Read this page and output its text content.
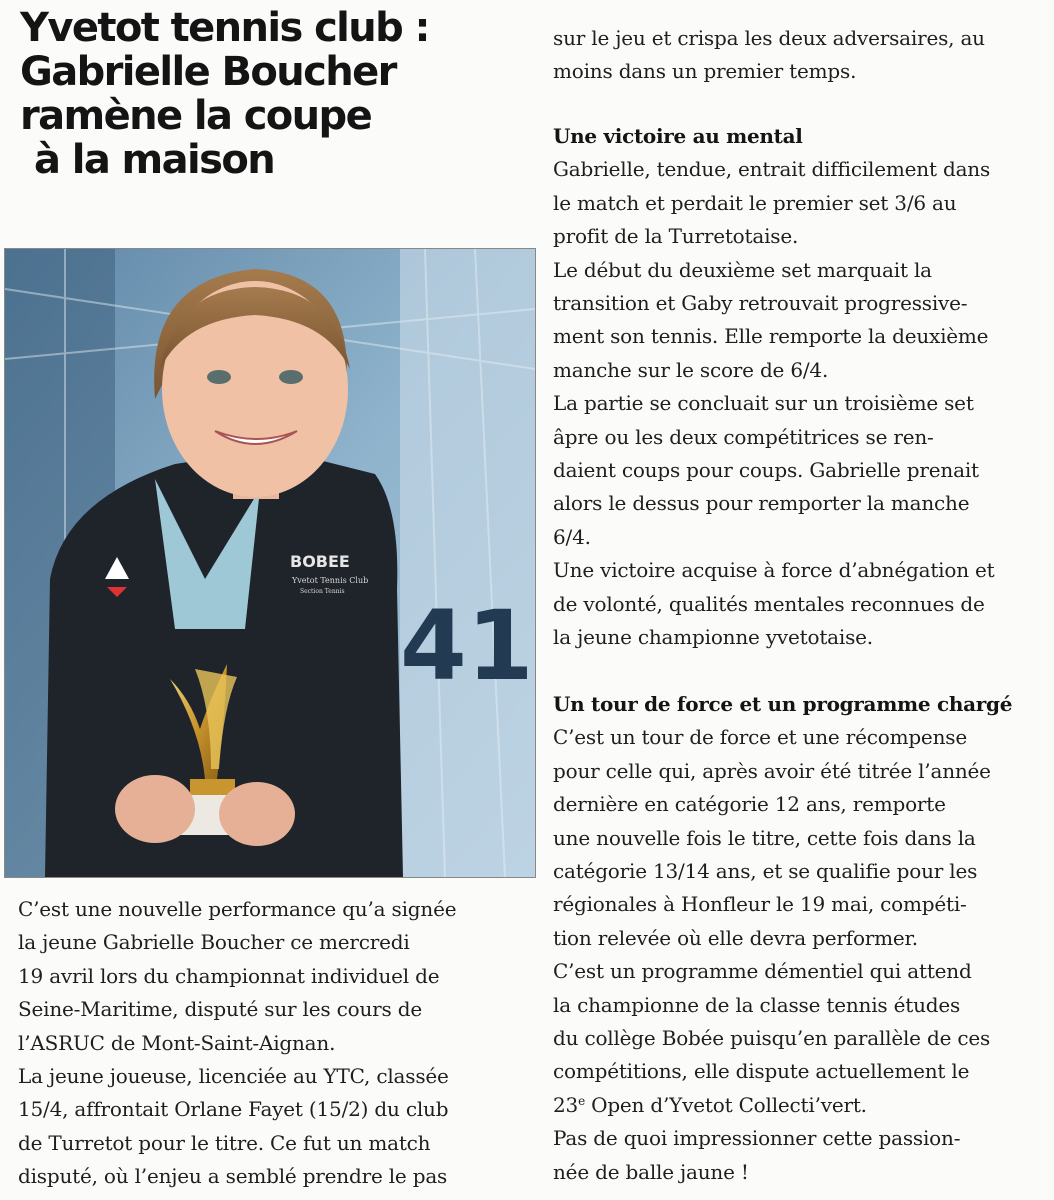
Yvetot tennis club :
Gabrielle Boucher
ramène la coupe
à la maison
41
BOBEE
Yvetot Tennis Club
Section Tennis

C’est une nouvelle performance qu’a signée
la jeune Gabrielle Boucher ce mercredi
19 avril lors du championnat individuel de
Seine-Maritime, disputé sur les cours de
l’ASRUC de Mont-Saint-Aignan.
La jeune joueuse, licenciée au YTC, classée
15/4, affrontait Orlane Fayet (15/2) du club
de Turretot pour le titre. Ce fut un match
disputé, où l’enjeu a semblé prendre le pas

sur le jeu et crispa les deux adversaires, au
moins dans un premier temps.

Une victoire au mental

Gabrielle, tendue, entrait difficilement dans
le match et perdait le premier set 3/6 au
profit de la Turretotaise.
Le début du deuxième set marquait la
transition et Gaby retrouvait progressive-
ment son tennis. Elle remporte la deuxième
manche sur le score de 6/4.
La partie se concluait sur un troisième set
âpre ou les deux compétitrices se ren-
daient coups pour coups. Gabrielle prenait
alors le dessus pour remporter la manche
6/4.
Une victoire acquise à force d’abnégation et
de volonté, qualités mentales reconnues de
la jeune championne yvetotaise.

Un tour de force et un programme chargé

C’est un tour de force et une récompense
pour celle qui, après avoir été titrée l’année
dernière en catégorie 12 ans, remporte
une nouvelle fois le titre, cette fois dans la
catégorie 13/14 ans, et se qualifie pour les
régionales à Honfleur le 19 mai, compéti-
tion relevée où elle devra performer.
C’est un programme démentiel qui attend
la championne de la classe tennis études
du collège Bobée puisqu’en parallèle de ces
compétitions, elle dispute actuellement le
23e Open d’Yvetot Collecti’vert.
Pas de quoi impressionner cette passion-
née de balle jaune !
